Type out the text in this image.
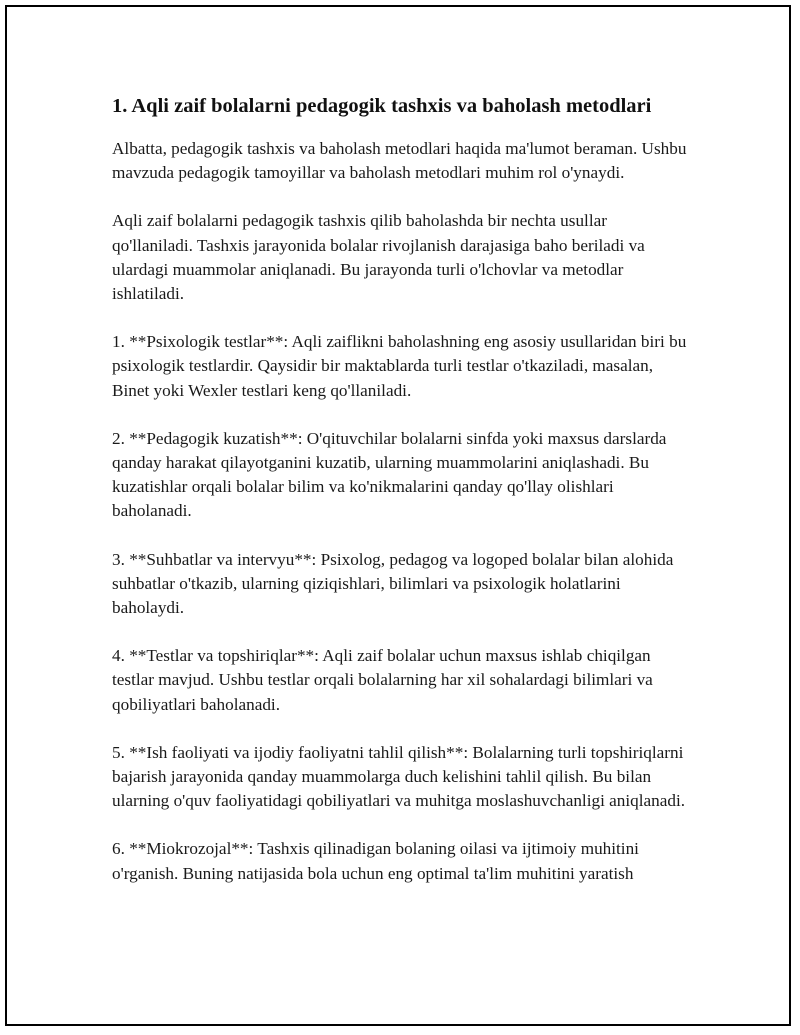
1. Aqli zaif bolalarni pedagogik tashxis va baholash metodlari

Albatta, pedagogik tashxis va baholash metodlari haqida ma'lumot beraman. Ushbu mavzuda pedagogik tamoyillar va baholash metodlari muhim rol o'ynaydi.

Aqli zaif bolalarni pedagogik tashxis qilib baholashda bir nechta usullar qo'llaniladi. Tashxis jarayonida bolalar rivojlanish darajasiga baho beriladi va ulardagi muammolar aniqlanadi. Bu jarayonda turli o'lchovlar va metodlar ishlatiladi.

1. **Psixologik testlar**: Aqli zaiflikni baholashning eng asosiy usullaridan biri bu psixologik testlardir. Qaysidir bir maktablarda turli testlar o'tkaziladi, masalan, Binet yoki Wexler testlari keng qo'llaniladi.

2. **Pedagogik kuzatish**: O'qituvchilar bolalarni sinfda yoki maxsus darslarda qanday harakat qilayotganini kuzatib, ularning muammolarini aniqlashadi. Bu kuzatishlar orqali bolalar bilim va ko'nikmalarini qanday qo'llay olishlari baholanadi.

3. **Suhbatlar va intervyu**: Psixolog, pedagog va logoped bolalar bilan alohida suhbatlar o'tkazib, ularning qiziqishlari, bilimlari va psixologik holatlarini baholaydi.

4. **Testlar va topshiriqlar**: Aqli zaif bolalar uchun maxsus ishlab chiqilgan testlar mavjud. Ushbu testlar orqali bolalarning har xil sohalardagi bilimlari va qobiliyatlari baholanadi.

5. **Ish faoliyati va ijodiy faoliyatni tahlil qilish**: Bolalarning turli topshiriqlarni bajarish jarayonida qanday muammolarga duch kelishini tahlil qilish. Bu bilan ularning o'quv faoliyatidagi qobiliyatlari va muhitga moslashuvchanligi aniqlanadi.

6. **Miokrozojal**: Tashxis qilinadigan bolaning oilasi va ijtimoiy muhitini o'rganish. Buning natijasida bola uchun eng optimal ta'lim muhitini yaratish
